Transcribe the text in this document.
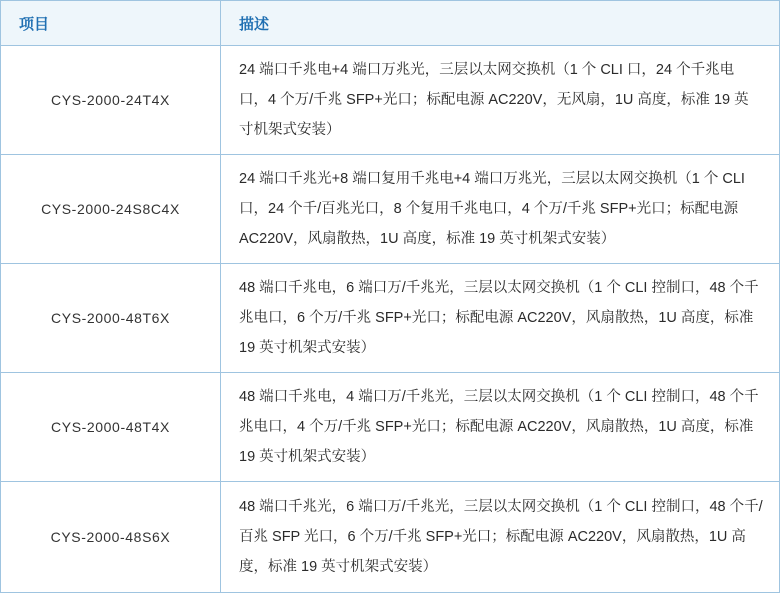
项目	描述

CYS-2000-24T4X	24 端口千兆电+4 端口万兆光，三层以太网交换机（1 个 CLI 口，24 个千兆电口，4 个万/千兆 SFP+光口；标配电源 AC220V，无风扇，1U 高度，标准 19 英寸机架式安装）

CYS-2000-24S8C4X	24 端口千兆光+8 端口复用千兆电+4 端口万兆光，三层以太网交换机（1 个 CLI 口，24 个千/百兆光口，8 个复用千兆电口，4 个万/千兆 SFP+光口；标配电源 AC220V，风扇散热，1U 高度，标准 19 英寸机架式安装）

CYS-2000-48T6X	48 端口千兆电，6 端口万/千兆光，三层以太网交换机（1 个 CLI 控制口，48 个千兆电口，6 个万/千兆 SFP+光口；标配电源 AC220V，风扇散热，1U 高度，标准 19 英寸机架式安装）

CYS-2000-48T4X	48 端口千兆电，4 端口万/千兆光，三层以太网交换机（1 个 CLI 控制口，48 个千兆电口，4 个万/千兆 SFP+光口；标配电源 AC220V，风扇散热，1U 高度，标准 19 英寸机架式安装）

CYS-2000-48S6X	48 端口千兆光，6 端口万/千兆光，三层以太网交换机（1 个 CLI 控制口，48 个千/百兆 SFP 光口，6 个万/千兆 SFP+光口；标配电源 AC220V，风扇散热，1U 高度，标准 19 英寸机架式安装）
